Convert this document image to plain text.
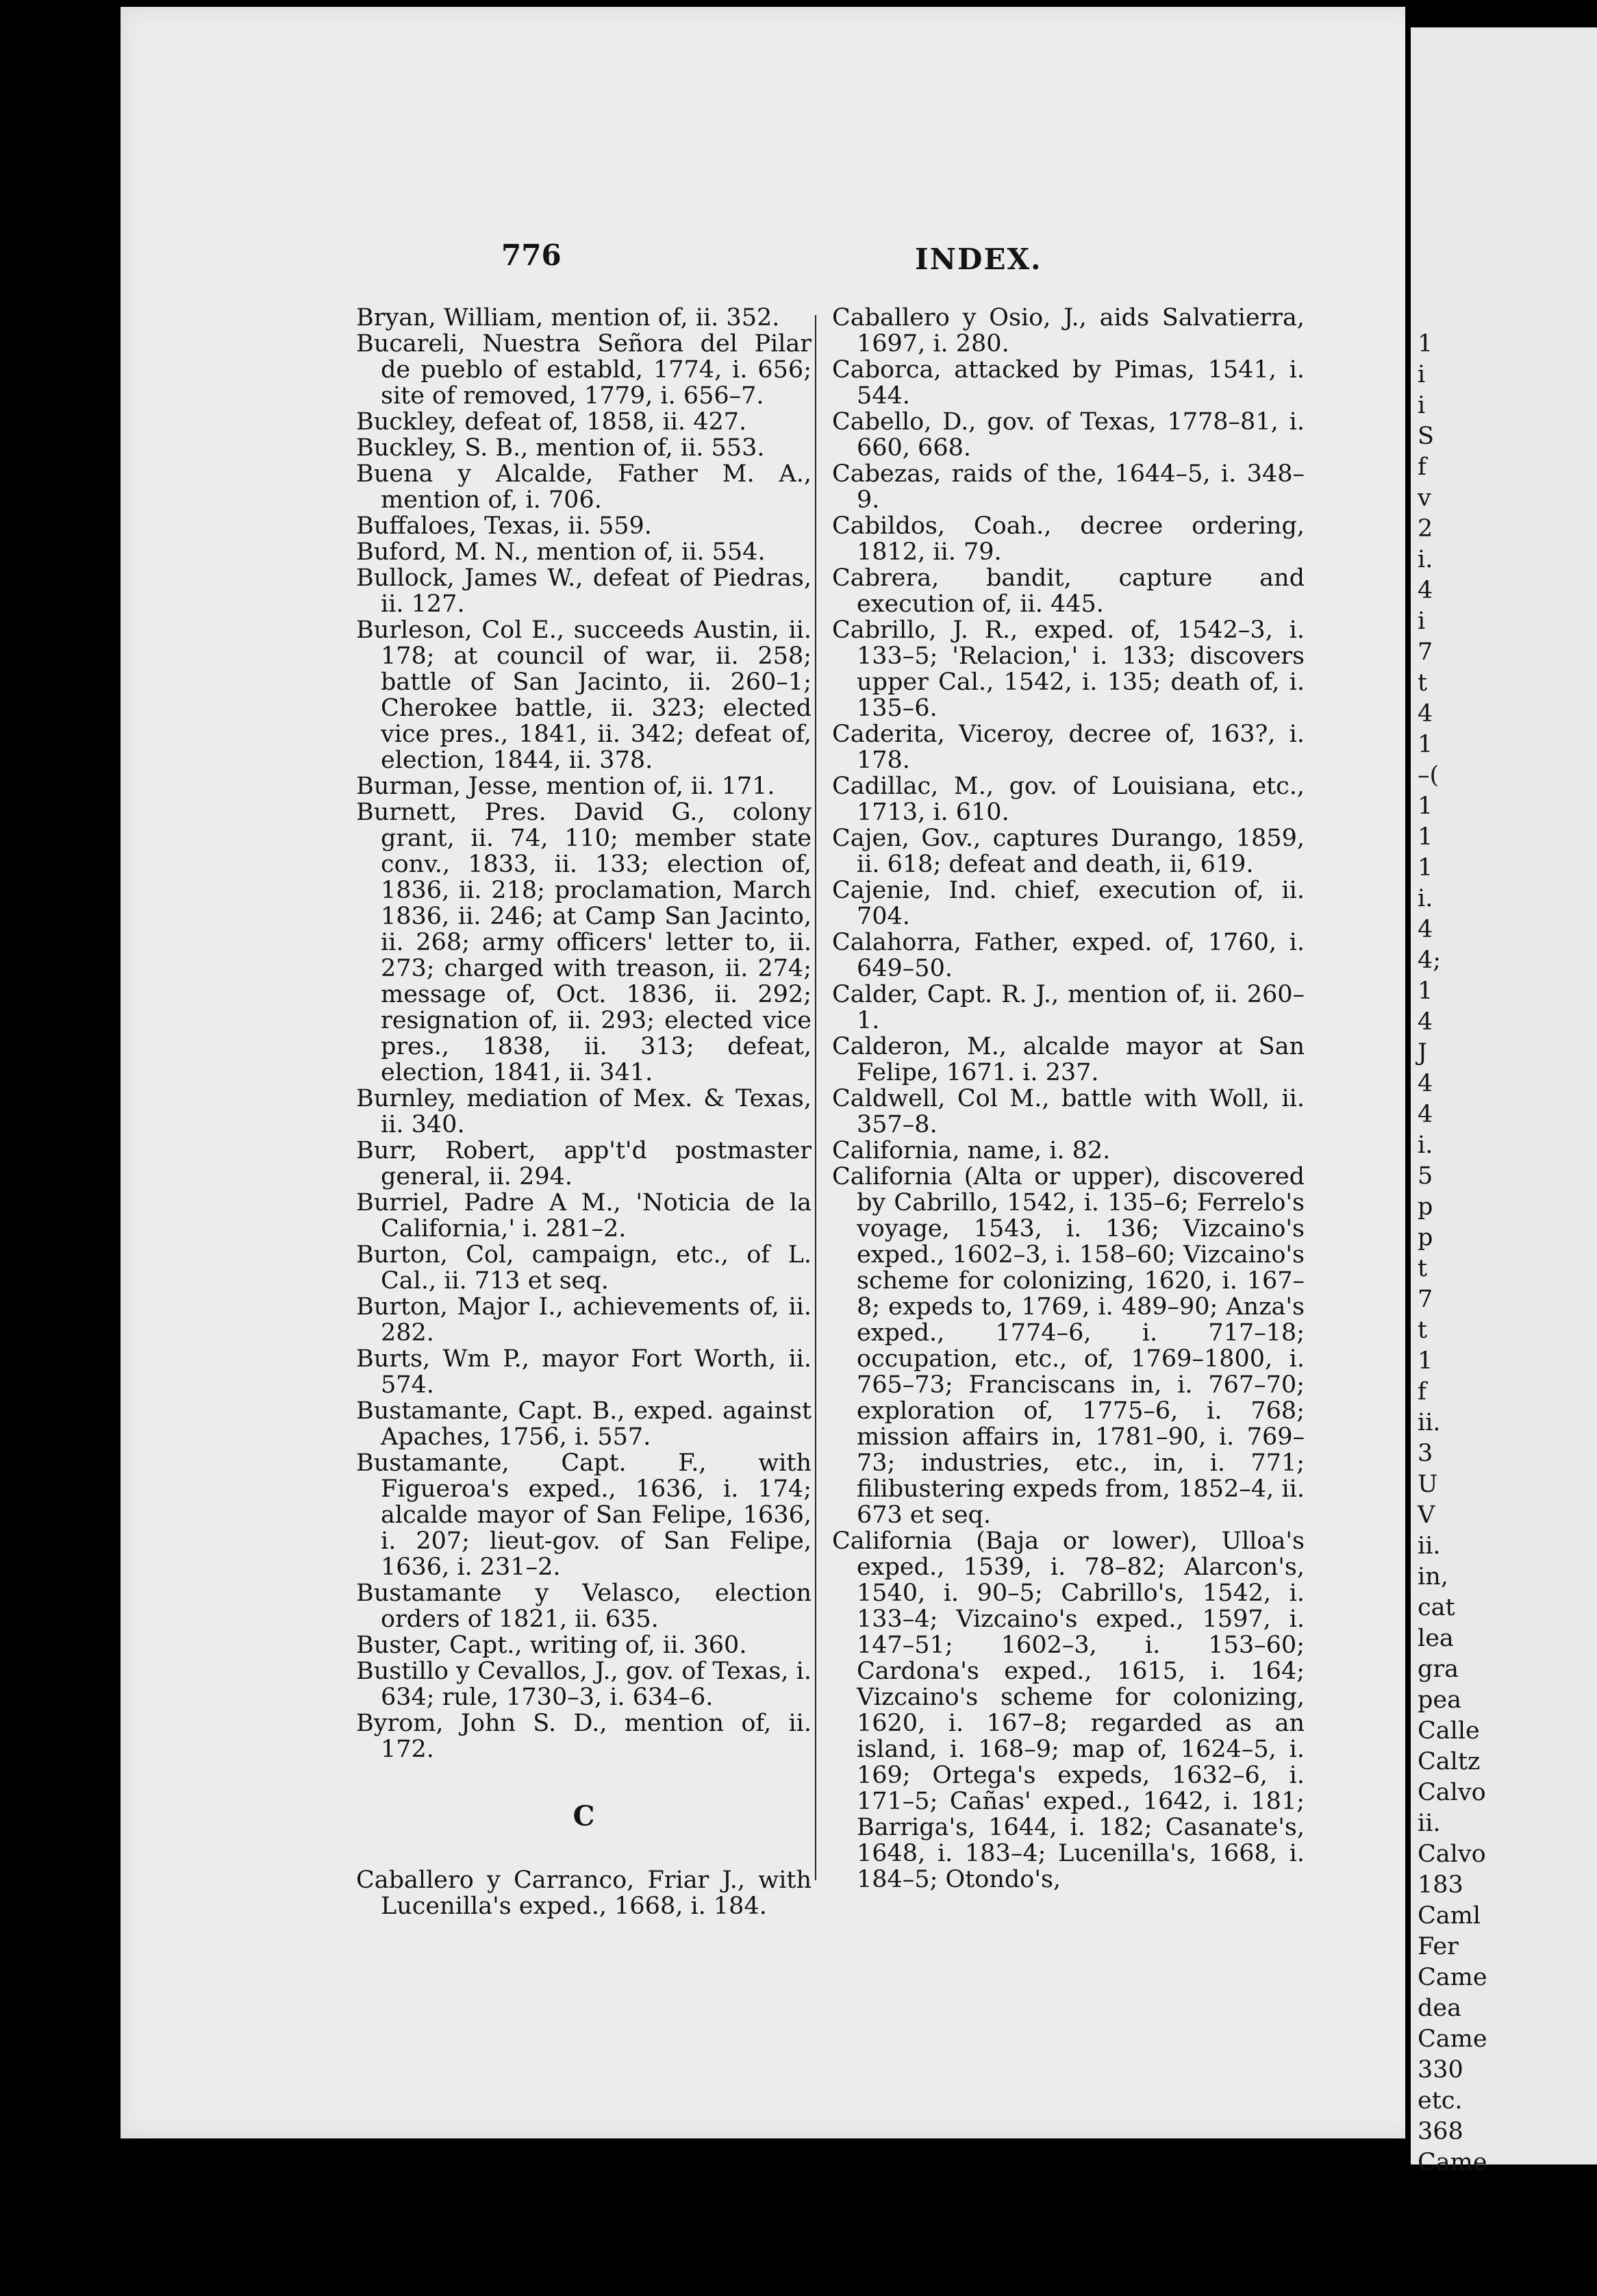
776	INDEX.

Bryan, William, mention of, ii. 352.

Bucareli, Nuestra Señora del Pilar de pueblo of establd, 1774, i. 656; site of removed, 1779, i. 656–7.

Buckley, defeat of, 1858, ii. 427.

Buckley, S. B., mention of, ii. 553.

Buena y Alcalde, Father M. A., mention of, i. 706.

Buffaloes, Texas, ii. 559.

Buford, M. N., mention of, ii. 554.

Bullock, James W., defeat of Piedras, ii. 127.

Burleson, Col E., succeeds Austin, ii. 178; at council of war, ii. 258; battle of San Jacinto, ii. 260–1; Cherokee battle, ii. 323; elected vice pres., 1841, ii. 342; defeat of, election, 1844, ii. 378.

Burman, Jesse, mention of, ii. 171.

Burnett, Pres. David G., colony grant, ii. 74, 110; member state conv., 1833, ii. 133; election of, 1836, ii. 218; proclamation, March 1836, ii. 246; at Camp San Jacinto, ii. 268; army officers' letter to, ii. 273; charged with treason, ii. 274; message of, Oct. 1836, ii. 292; resignation of, ii. 293; elected vice pres., 1838, ii. 313; defeat, election, 1841, ii. 341.

Burnley, mediation of Mex. & Texas, ii. 340.

Burr, Robert, app't'd postmaster general, ii. 294.

Burriel, Padre A M., 'Noticia de la California,' i. 281–2.

Burton, Col, campaign, etc., of L. Cal., ii. 713 et seq.

Burton, Major I., achievements of, ii. 282.

Burts, Wm P., mayor Fort Worth, ii. 574.

Bustamante, Capt. B., exped. against Apaches, 1756, i. 557.

Bustamante, Capt. F., with Figueroa's exped., 1636, i. 174; alcalde mayor of San Felipe, 1636, i. 207; lieut-gov. of San Felipe, 1636, i. 231–2.

Bustamante y Velasco, election orders of 1821, ii. 635.

Buster, Capt., writing of, ii. 360.

Bustillo y Cevallos, J., gov. of Texas, i. 634; rule, 1730–3, i. 634–6.

Byrom, John S. D., mention of, ii. 172.

C

Caballero y Carranco, Friar J., with Lucenilla's exped., 1668, i. 184.

Caballero y Osio, J., aids Salvatierra, 1697, i. 280.

Caborca, attacked by Pimas, 1541, i. 544.

Cabello, D., gov. of Texas, 1778–81, i. 660, 668.

Cabezas, raids of the, 1644–5, i. 348–9.

Cabildos, Coah., decree ordering, 1812, ii. 79.

Cabrera, bandit, capture and execution of, ii. 445.

Cabrillo, J. R., exped. of, 1542–3, i. 133–5; 'Relacion,' i. 133; discovers upper Cal., 1542, i. 135; death of, i. 135–6.

Caderita, Viceroy, decree of, 163?, i. 178.

Cadillac, M., gov. of Louisiana, etc., 1713, i. 610.

Cajen, Gov., captures Durango, 1859, ii. 618; defeat and death, ii, 619.

Cajenie, Ind. chief, execution of, ii. 704.

Calahorra, Father, exped. of, 1760, i. 649–50.

Calder, Capt. R. J., mention of, ii. 260–1.

Calderon, M., alcalde mayor at San Felipe, 1671. i. 237.

Caldwell, Col M., battle with Woll, ii. 357–8.

California, name, i. 82.

California (Alta or upper), discovered by Cabrillo, 1542, i. 135–6; Ferrelo's voyage, 1543, i. 136; Vizcaino's exped., 1602–3, i. 158–60; Vizcaino's scheme for colonizing, 1620, i. 167–8; expeds to, 1769, i. 489–90; Anza's exped., 1774–6, i. 717–18; occupation, etc., of, 1769–1800, i. 765–73; Franciscans in, i. 767–70; exploration of, 1775–6, i. 768; mission affairs in, 1781–90, i. 769–73; industries, etc., in, i. 771; filibustering expeds from, 1852–4, ii. 673 et seq.

California (Baja or lower), Ulloa's exped., 1539, i. 78–82; Alarcon's, 1540, i. 90–5; Cabrillo's, 1542, i. 133–4; Vizcaino's exped., 1597, i. 147–51; 1602–3, i. 153–60; Cardona's exped., 1615, i. 164; Vizcaino's scheme for colonizing, 1620, i. 167–8; regarded as an island, i. 168–9; map of, 1624–5, i. 169; Ortega's expeds, 1632–6, i. 171–5; Cañas' exped., 1642, i. 181; Barriga's, 1644, i. 182; Casanate's, 1648, i. 183–4; Lucenilla's, 1668, i. 184–5; Otondo's,

1
i
i
S
f
v
2
i.
4
i
7
t
4
1
–(
1
1
1
i.
4
4;
1
4
J
4
4
i.
5
p
p
t
7
t
1
f
ii.
3
U
V
ii.
in,
cat
lea
gra
pea
Calle
Caltz
Calvo
ii.
Calvo
183
Caml
Fer
Came
dea
Came
330
etc.
368
Came
